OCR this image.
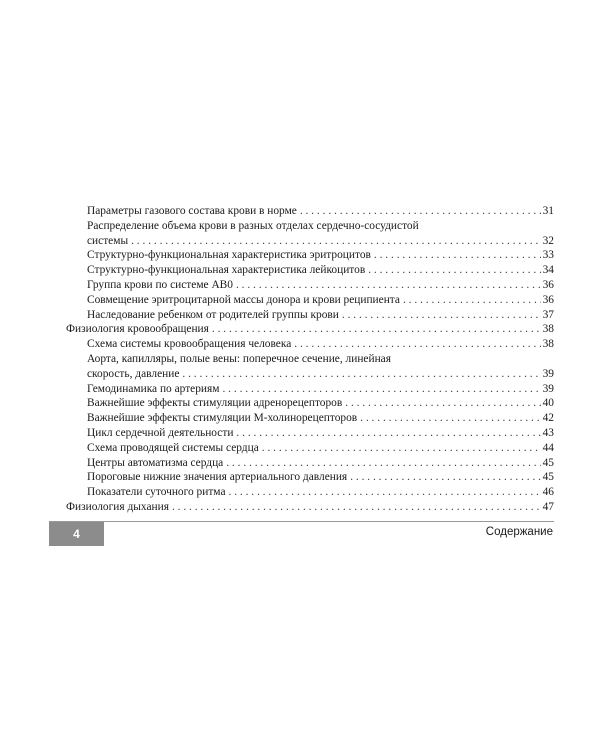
Параметры газового состава крови в норме . . .	31
Распределение объема крови в разных отделах сердечно-сосудистой
системы . . .	32
Структурно-функциональная характеристика эритроцитов . . .	33
Структурно-функциональная характеристика лейкоцитов . . .	34
Группа крови по системе АВ0 . . .	36
Совмещение эритроцитарной массы донора и крови реципиента . . .	36
Наследование ребенком от родителей группы крови . . .	37
Физиология кровообращения . . .	38
Схема системы кровообращения человека . . .	38
Аорта, капилляры, полые вены: поперечное сечение, линейная
скорость, давление . . .	39
Гемодинамика по артериям . . .	39
Важнейшие эффекты стимуляции адренорецепторов . . .	40
Важнейшие эффекты стимуляции М-холинорецепторов . . .	42
Цикл сердечной деятельности . . .	43
Схема проводящей системы сердца . . .	44
Центры автоматизма сердца . . .	45
Пороговые нижние значения артериального давления . . .	45
Показатели суточного ритма . . .	46
Физиология дыхания . . .	47
4	Содержание
